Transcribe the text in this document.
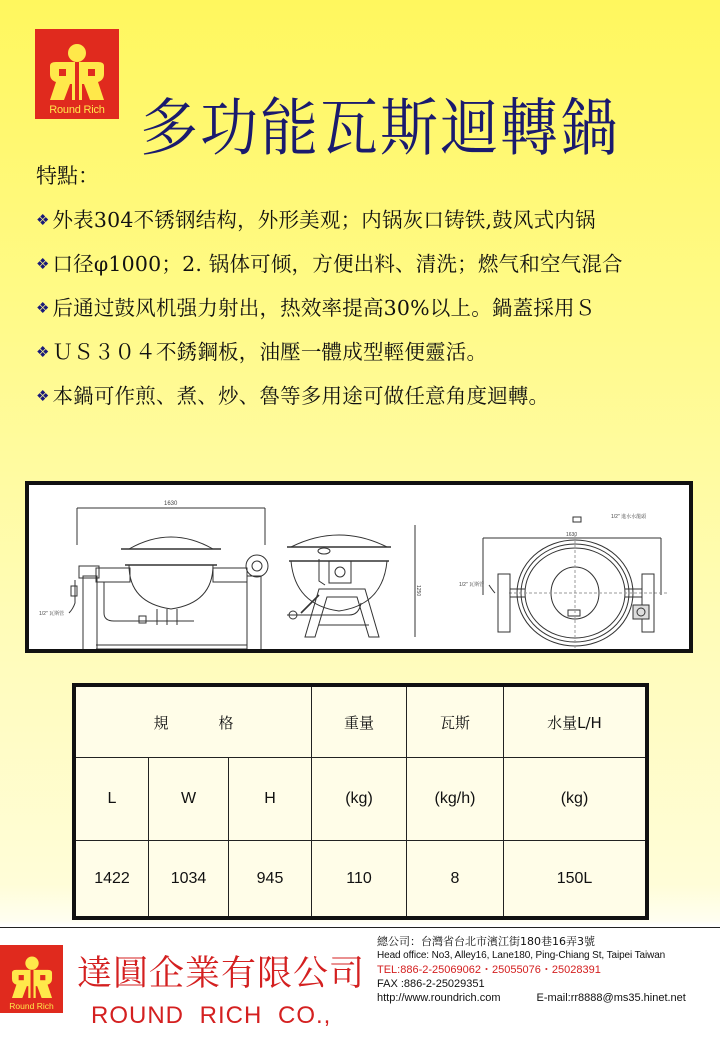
Round Rich 多功能瓦斯迴轉鍋
特點：
❖ 外表304不锈钢结构，外形美观；内锅灰口铸铁,鼓风式内锅
❖ 口径φ1000；2. 锅体可倾，方便出料、清洗；燃气和空气混合
❖ 后通过鼓风机强力射出，热效率提高30%以上。鍋蓋採用Ｓ
❖ ＵＳ３０４不銹鋼板，油壓一體成型輕便靈活。
❖ 本鍋可作煎、煮、炒、魯等多用途可做任意角度迴轉。
1630
1/2" 瓦斯管
1250
1/2" 進水水龍頭
1630
1/2" 瓦斯管
規 格			重量	瓦斯	水量L/H
L	W	H	(kg)	(kg/h)	(kg)
1422	1034	945	110	8	150L
Round Rich
達圓企業有限公司
ROUND RICH CO.,
總公司：台灣省台北市濱江街180巷16弄3號
Head office: No3, Alley16, Lane180, Ping-Chiang St, Taipei Taiwan
TEL:886-2-25069062・25055076・25028391
FAX :886-2-25029351
http://www.roundrich.com	E-mail:rr8888@ms35.hinet.net
